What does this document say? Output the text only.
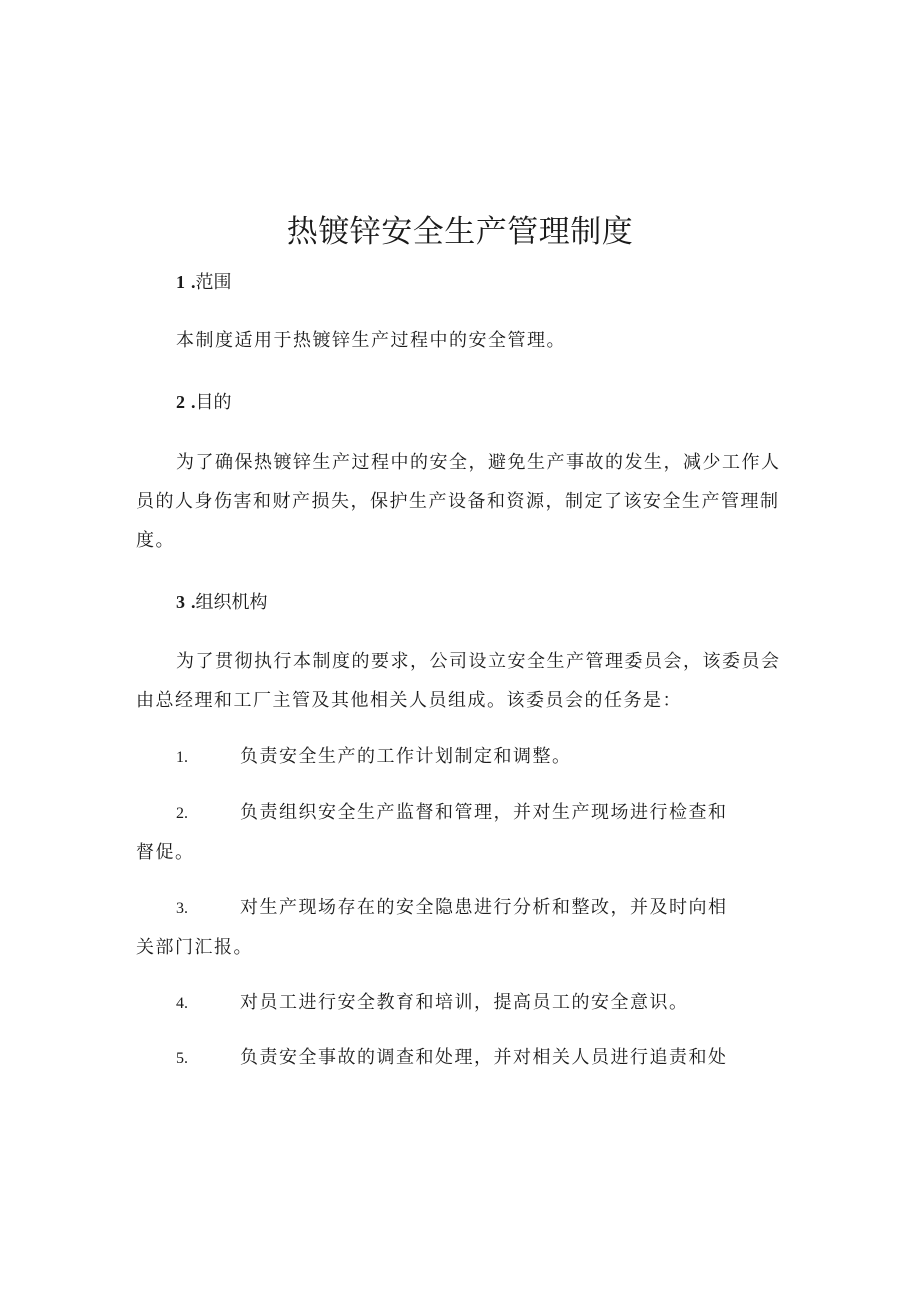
热镀锌安全生产管理制度
1 .范围

本制度适用于热镀锌生产过程中的安全管理。

2 .目的
为了确保热镀锌生产过程中的安全，避免生产事故的发生，减少工作人
员的人身伤害和财产损失，保护生产设备和资源，制定了该安全生产管理制
度。
3 .组织机构
为了贯彻执行本制度的要求，公司设立安全生产管理委员会，该委员会
由总经理和工厂主管及其他相关人员组成。该委员会的任务是：
1.	负责安全生产的工作计划制定和调整。
2.	负责组织安全生产监督和管理，并对生产现场进行检查和
督促。
3.	对生产现场存在的安全隐患进行分析和整改，并及时向相
关部门汇报。
4.	对员工进行安全教育和培训，提高员工的安全意识。
5.	负责安全事故的调查和处理，并对相关人员进行追责和处
